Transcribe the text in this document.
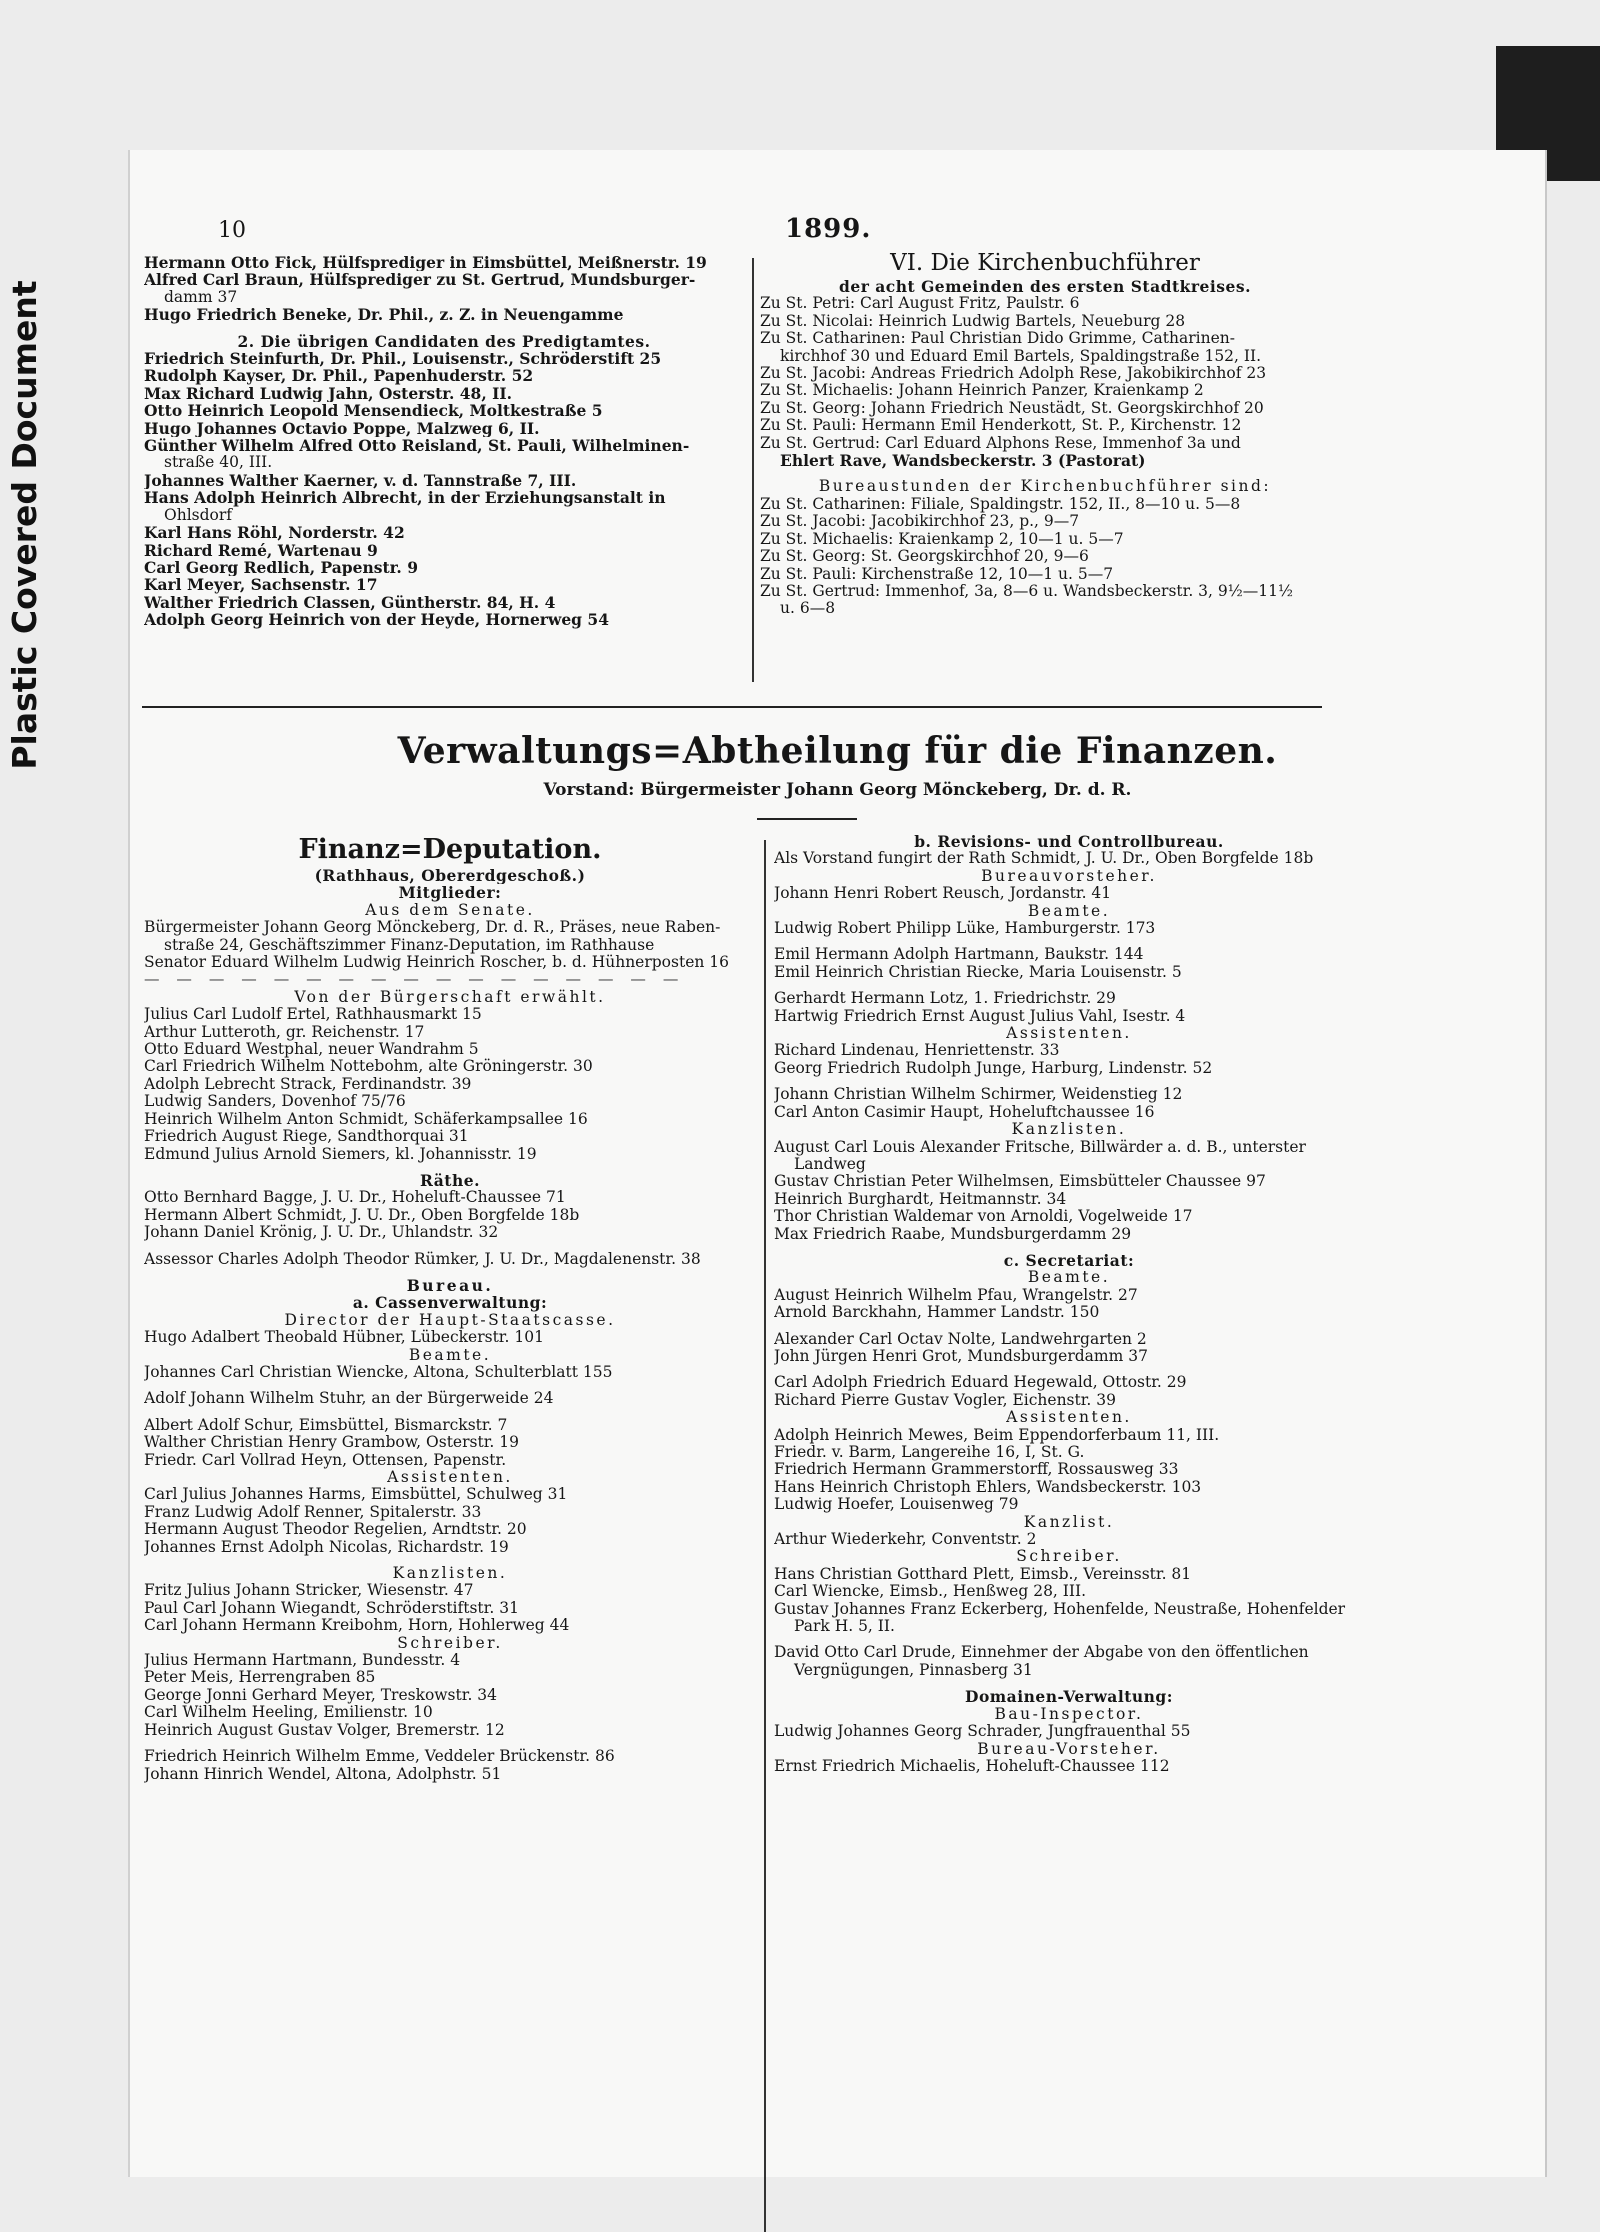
Plastic Covered Document
10	1899.

Hermann Otto Fick, Hülfsprediger in Eimsbüttel, Meißnerstr. 19

Alfred Carl Braun, Hülfsprediger zu St. Gertrud, Mundsburger-

damm 37

Hugo Friedrich Beneke, Dr. Phil., z. Z. in Neuengamme

2. Die übrigen Candidaten des Predigtamtes.

Friedrich Steinfurth, Dr. Phil., Louisenstr., Schröderstift 25

Rudolph Kayser, Dr. Phil., Papenhuderstr. 52

Max Richard Ludwig Jahn, Osterstr. 48, II.

Otto Heinrich Leopold Mensendieck, Moltkestraße 5

Hugo Johannes Octavio Poppe, Malzweg 6, II.

Günther Wilhelm Alfred Otto Reisland, St. Pauli, Wilhelminen-

straße 40, III.

Johannes Walther Kaerner, v. d. Tannstraße 7, III.

Hans Adolph Heinrich Albrecht, in der Erziehungsanstalt in

Ohlsdorf

Karl Hans Röhl, Norderstr. 42

Richard Remé, Wartenau 9

Carl Georg Redlich, Papenstr. 9

Karl Meyer, Sachsenstr. 17

Walther Friedrich Classen, Güntherstr. 84, H. 4

Adolph Georg Heinrich von der Heyde, Hornerweg 54

VI. Die Kirchenbuchführer

der acht Gemeinden des ersten Stadtkreises.

Zu St. Petri: Carl August Fritz, Paulstr. 6

Zu St. Nicolai: Heinrich Ludwig Bartels, Neueburg 28

Zu St. Catharinen: Paul Christian Dido Grimme, Catharinen-

kirchhof 30 und Eduard Emil Bartels, Spaldingstraße 152, II.

Zu St. Jacobi: Andreas Friedrich Adolph Rese, Jakobikirchhof 23

Zu St. Michaelis: Johann Heinrich Panzer, Kraienkamp 2

Zu St. Georg: Johann Friedrich Neustädt, St. Georgskirchhof 20

Zu St. Pauli: Hermann Emil Henderkott, St. P., Kirchenstr. 12

Zu St. Gertrud: Carl Eduard Alphons Rese, Immenhof 3a und

Ehlert Rave, Wandsbeckerstr. 3 (Pastorat)

Bureaustunden der Kirchenbuchführer sind:

Zu St. Catharinen: Filiale, Spaldingstr. 152, II., 8—10 u. 5—8

Zu St. Jacobi: Jacobikirchhof 23, p., 9—7

Zu St. Michaelis: Kraienkamp 2, 10—1 u. 5—7

Zu St. Georg: St. Georgskirchhof 20, 9—6

Zu St. Pauli: Kirchenstraße 12, 10—1 u. 5—7

Zu St. Gertrud: Immenhof, 3a, 8—6 u. Wandsbeckerstr. 3, 9½—11½

u. 6—8

Verwaltungs=Abtheilung für die Finanzen.
Vorstand: Bürgermeister Johann Georg Mönckeberg, Dr. d. R.

Finanz=Deputation.

(Rathhaus, Obererdgeschoß.)

Mitglieder:

Aus dem Senate.

Bürgermeister Johann Georg Mönckeberg, Dr. d. R., Präses, neue Raben-

straße 24, Geschäftszimmer Finanz-Deputation, im Rathhause

Senator Eduard Wilhelm Ludwig Heinrich Roscher, b. d. Hühnerposten 16

— — — — — — — — — — — — — — — — —

Von der Bürgerschaft erwählt.

Julius Carl Ludolf Ertel, Rathhausmarkt 15

Arthur Lutteroth, gr. Reichenstr. 17

Otto Eduard Westphal, neuer Wandrahm 5

Carl Friedrich Wilhelm Nottebohm, alte Gröningerstr. 30

Adolph Lebrecht Strack, Ferdinandstr. 39

Ludwig Sanders, Dovenhof 75/76

Heinrich Wilhelm Anton Schmidt, Schäferkampsallee 16

Friedrich August Riege, Sandthorquai 31

Edmund Julius Arnold Siemers, kl. Johannisstr. 19

Räthe.

Otto Bernhard Bagge, J. U. Dr., Hoheluft-Chaussee 71

Hermann Albert Schmidt, J. U. Dr., Oben Borgfelde 18b

Johann Daniel Krönig, J. U. Dr., Uhlandstr. 32

Assessor Charles Adolph Theodor Rümker, J. U. Dr., Magdalenenstr. 38

Bureau.

a. Cassenverwaltung:

Director der Haupt-Staatscasse.

Hugo Adalbert Theobald Hübner, Lübeckerstr. 101

Beamte.

Johannes Carl Christian Wiencke, Altona, Schulterblatt 155

Adolf Johann Wilhelm Stuhr, an der Bürgerweide 24

Albert Adolf Schur, Eimsbüttel, Bismarckstr. 7

Walther Christian Henry Grambow, Osterstr. 19

Friedr. Carl Vollrad Heyn, Ottensen, Papenstr.

Assistenten.

Carl Julius Johannes Harms, Eimsbüttel, Schulweg 31

Franz Ludwig Adolf Renner, Spitalerstr. 33

Hermann August Theodor Regelien, Arndtstr. 20

Johannes Ernst Adolph Nicolas, Richardstr. 19

Kanzlisten.

Fritz Julius Johann Stricker, Wiesenstr. 47

Paul Carl Johann Wiegandt, Schröderstiftstr. 31

Carl Johann Hermann Kreibohm, Horn, Hohlerweg 44

Schreiber.

Julius Hermann Hartmann, Bundesstr. 4

Peter Meis, Herrengraben 85

George Jonni Gerhard Meyer, Treskowstr. 34

Carl Wilhelm Heeling, Emilienstr. 10

Heinrich August Gustav Volger, Bremerstr. 12

Friedrich Heinrich Wilhelm Emme, Veddeler Brückenstr. 86

Johann Hinrich Wendel, Altona, Adolphstr. 51

b. Revisions- und Controllbureau.

Als Vorstand fungirt der Rath Schmidt, J. U. Dr., Oben Borgfelde 18b

Bureauvorsteher.

Johann Henri Robert Reusch, Jordanstr. 41

Beamte.

Ludwig Robert Philipp Lüke, Hamburgerstr. 173

Emil Hermann Adolph Hartmann, Baukstr. 144

Emil Heinrich Christian Riecke, Maria Louisenstr. 5

Gerhardt Hermann Lotz, 1. Friedrichstr. 29

Hartwig Friedrich Ernst August Julius Vahl, Isestr. 4

Assistenten.

Richard Lindenau, Henriettenstr. 33

Georg Friedrich Rudolph Junge, Harburg, Lindenstr. 52

Johann Christian Wilhelm Schirmer, Weidenstieg 12

Carl Anton Casimir Haupt, Hoheluftchaussee 16

Kanzlisten.

August Carl Louis Alexander Fritsche, Billwärder a. d. B., unterster

Landweg

Gustav Christian Peter Wilhelmsen, Eimsbütteler Chaussee 97

Heinrich Burghardt, Heitmannstr. 34

Thor Christian Waldemar von Arnoldi, Vogelweide 17

Max Friedrich Raabe, Mundsburgerdamm 29

c. Secretariat:

Beamte.

August Heinrich Wilhelm Pfau, Wrangelstr. 27

Arnold Barckhahn, Hammer Landstr. 150

Alexander Carl Octav Nolte, Landwehrgarten 2

John Jürgen Henri Grot, Mundsburgerdamm 37

Carl Adolph Friedrich Eduard Hegewald, Ottostr. 29

Richard Pierre Gustav Vogler, Eichenstr. 39

Assistenten.

Adolph Heinrich Mewes, Beim Eppendorferbaum 11, III.

Friedr. v. Barm, Langereihe 16, I, St. G.

Friedrich Hermann Grammerstorff, Rossausweg 33

Hans Heinrich Christoph Ehlers, Wandsbeckerstr. 103

Ludwig Hoefer, Louisenweg 79

Kanzlist.

Arthur Wiederkehr, Conventstr. 2

Schreiber.

Hans Christian Gotthard Plett, Eimsb., Vereinsstr. 81

Carl Wiencke, Eimsb., Henßweg 28, III.

Gustav Johannes Franz Eckerberg, Hohenfelde, Neustraße, Hohenfelder

Park H. 5, II.

David Otto Carl Drude, Einnehmer der Abgabe von den öffentlichen

Vergnügungen, Pinnasberg 31

Domainen-Verwaltung:

Bau-Inspector.

Ludwig Johannes Georg Schrader, Jungfrauenthal 55

Bureau-Vorsteher.

Ernst Friedrich Michaelis, Hoheluft-Chaussee 112
